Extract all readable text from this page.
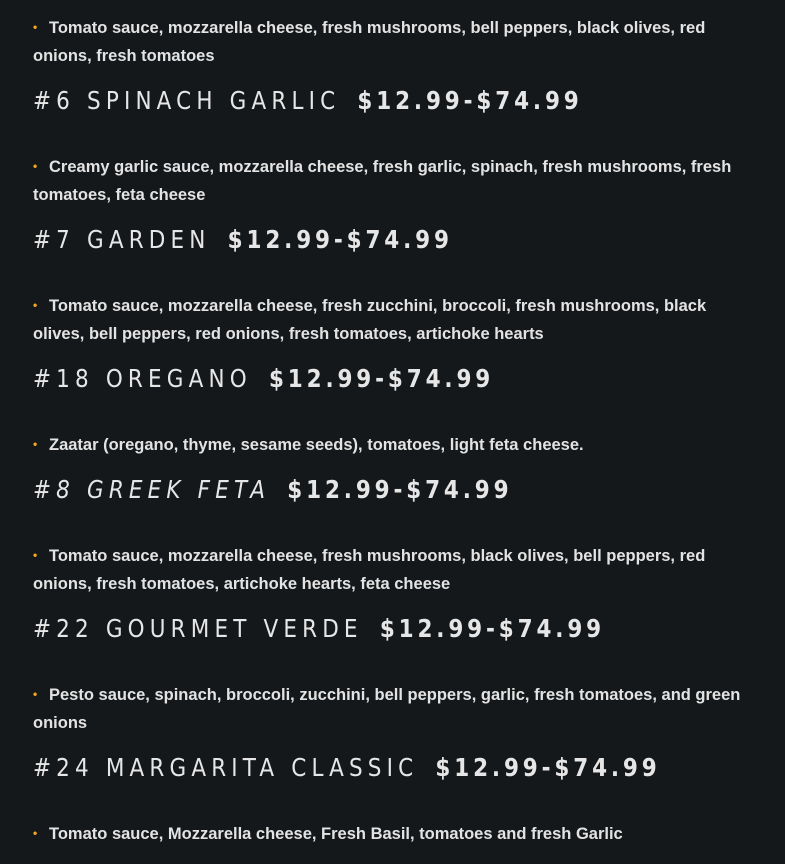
• Tomato sauce, mozzarella cheese, fresh mushrooms, bell peppers, black olives, red onions, fresh tomatoes

#6 SPINACH GARLIC $12.99-$74.99

• Creamy garlic sauce, mozzarella cheese, fresh garlic, spinach, fresh mushrooms, fresh tomatoes, feta cheese

#7 GARDEN $12.99-$74.99

• Tomato sauce, mozzarella cheese, fresh zucchini, broccoli, fresh mushrooms, black olives, bell peppers, red onions, fresh tomatoes, artichoke hearts

#18 OREGANO $12.99-$74.99

• Zaatar (oregano, thyme, sesame seeds), tomatoes, light feta cheese.

#8 GREEK FETA $12.99-$74.99

• Tomato sauce, mozzarella cheese, fresh mushrooms, black olives, bell peppers, red onions, fresh tomatoes, artichoke hearts, feta cheese

#22 GOURMET VERDE $12.99-$74.99

• Pesto sauce, spinach, broccoli, zucchini, bell peppers, garlic, fresh tomatoes, and green onions

#24 MARGARITA CLASSIC $12.99-$74.99

• Tomato sauce, Mozzarella cheese, Fresh Basil, tomatoes and fresh Garlic
